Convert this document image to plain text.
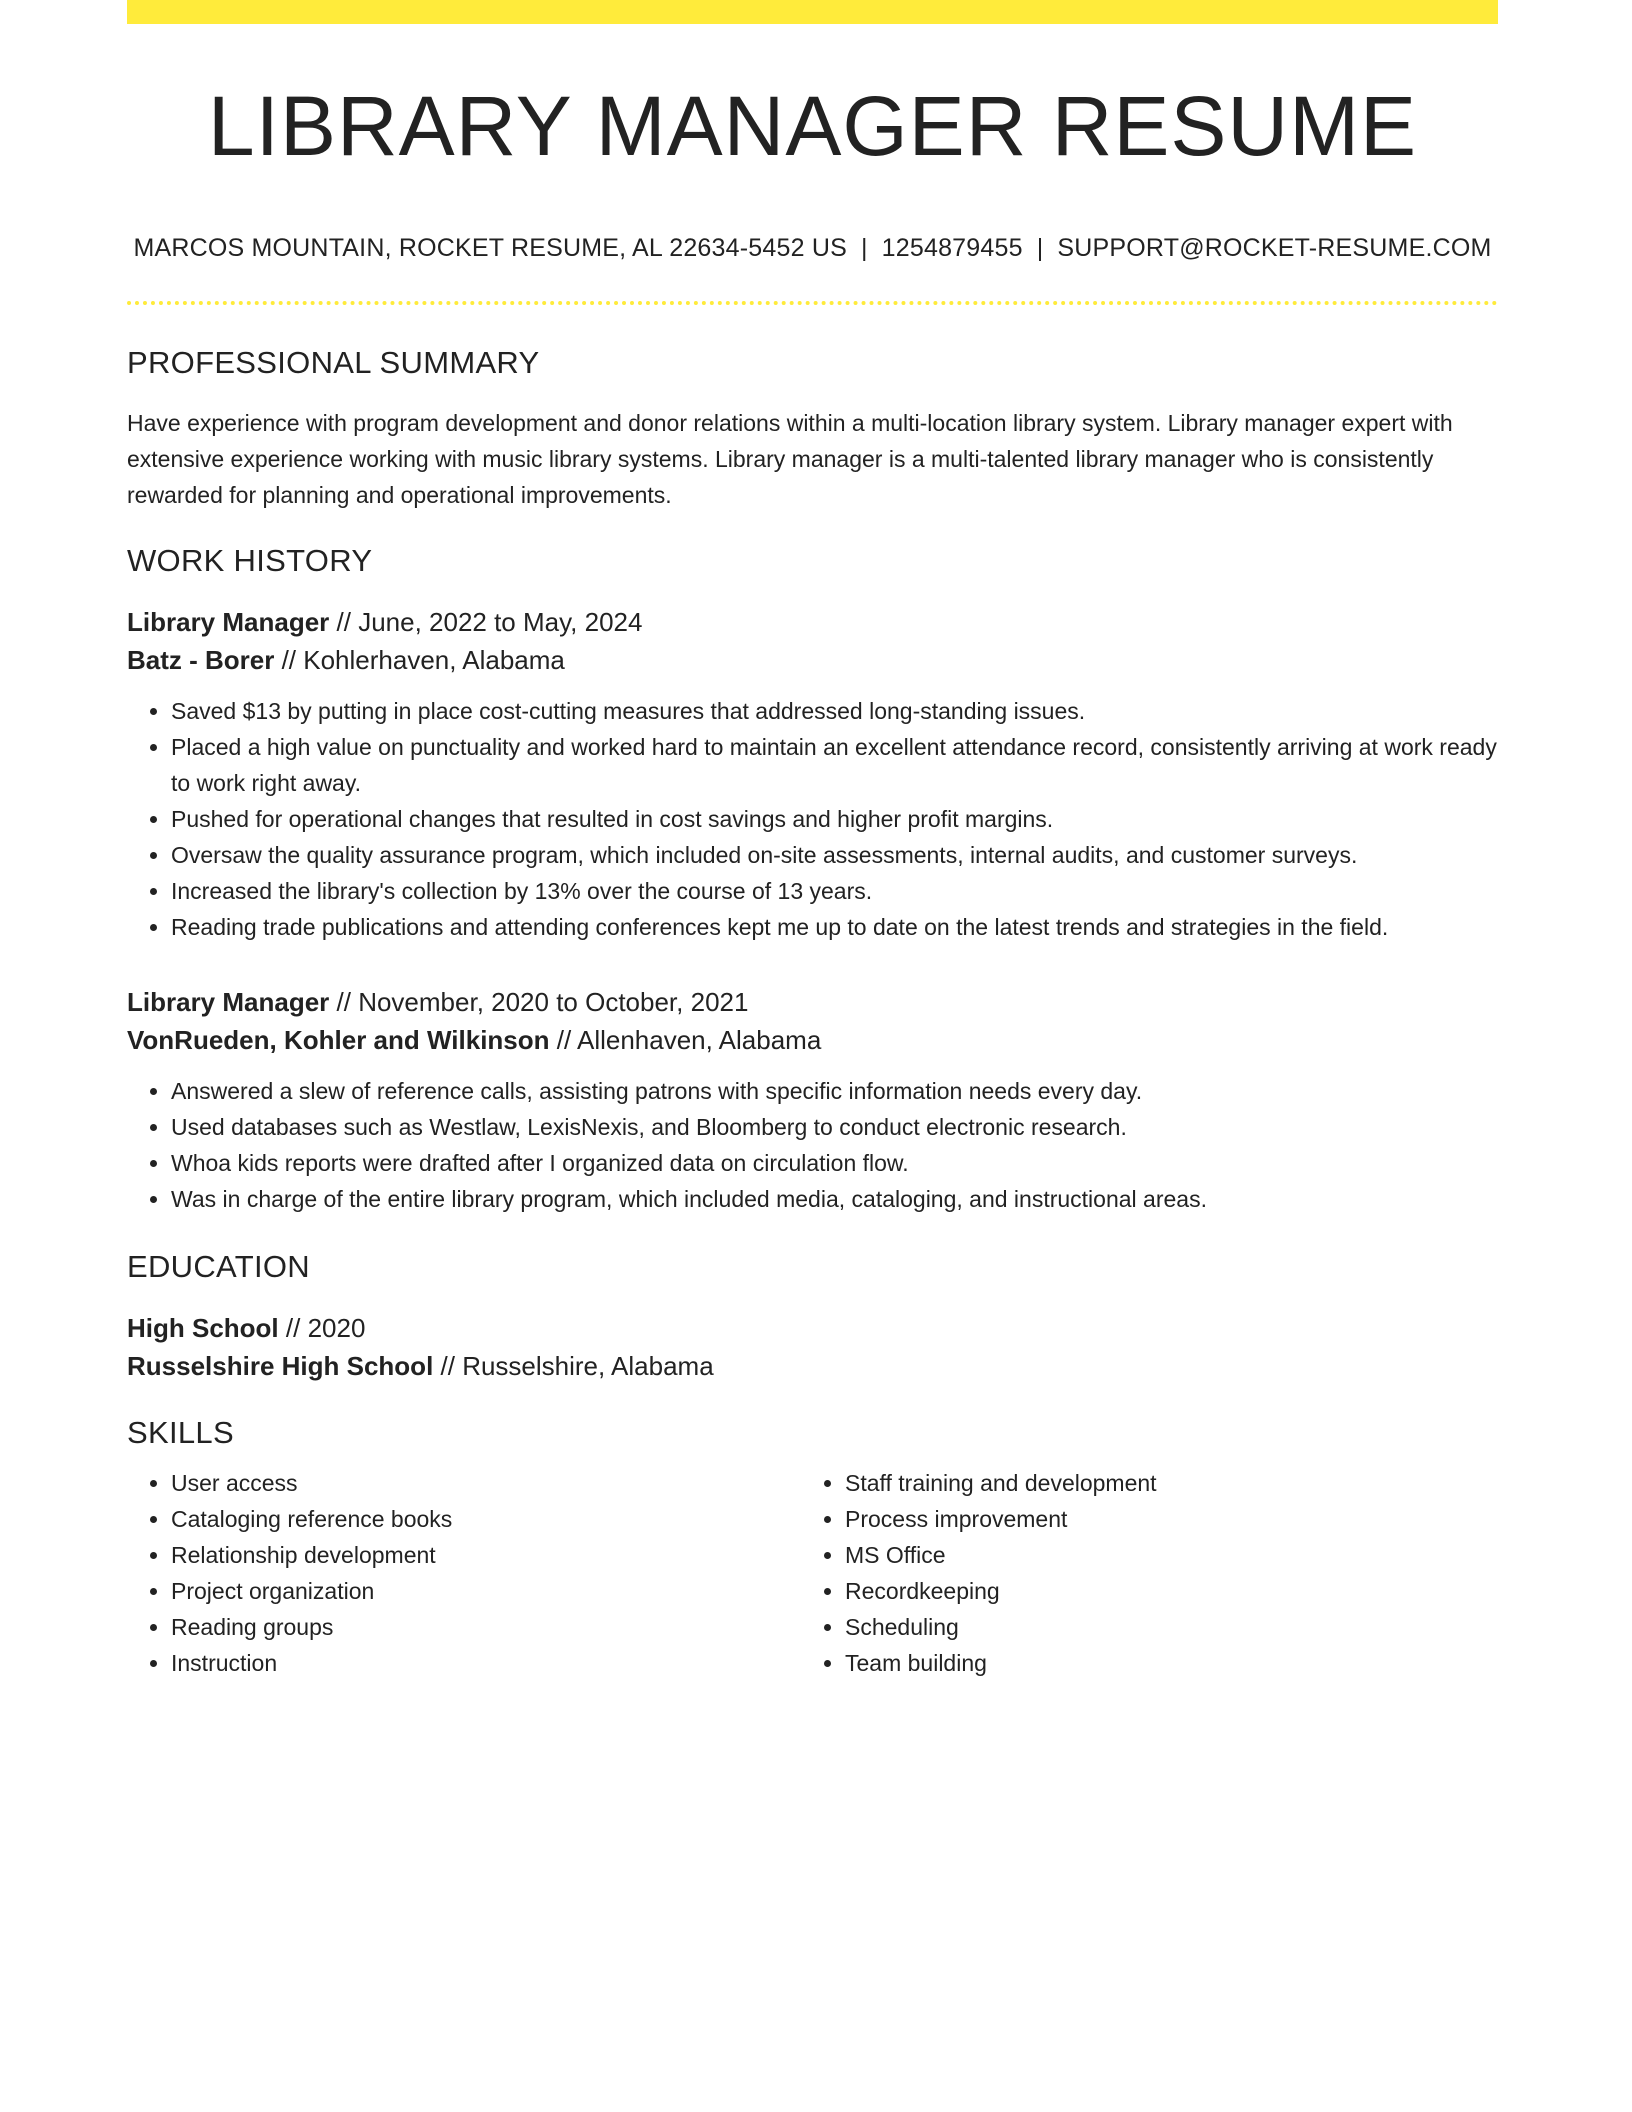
LIBRARY MANAGER RESUME
MARCOS MOUNTAIN, ROCKET RESUME, AL 22634-5452 US | 1254879455 | SUPPORT@ROCKET-RESUME.COM
PROFESSIONAL SUMMARY
Have experience with program development and donor relations within a multi-location library system. Library manager expert with extensive experience working with music library systems. Library manager is a multi-talented library manager who is consistently rewarded for planning and operational improvements.
WORK HISTORY
Library Manager // June, 2022 to May, 2024
Batz - Borer // Kohlerhaven, Alabama
• Saved $13 by putting in place cost-cutting measures that addressed long-standing issues.
• Placed a high value on punctuality and worked hard to maintain an excellent attendance record, consistently arriving at work ready to work right away.
• Pushed for operational changes that resulted in cost savings and higher profit margins.
• Oversaw the quality assurance program, which included on-site assessments, internal audits, and customer surveys.
• Increased the library's collection by 13% over the course of 13 years.
• Reading trade publications and attending conferences kept me up to date on the latest trends and strategies in the field.
Library Manager // November, 2020 to October, 2021
VonRueden, Kohler and Wilkinson // Allenhaven, Alabama
• Answered a slew of reference calls, assisting patrons with specific information needs every day.
• Used databases such as Westlaw, LexisNexis, and Bloomberg to conduct electronic research.
• Whoa kids reports were drafted after I organized data on circulation flow.
• Was in charge of the entire library program, which included media, cataloging, and instructional areas.
EDUCATION
High School // 2020
Russelshire High School // Russelshire, Alabama
SKILLS
• User access
• Cataloging reference books
• Relationship development
• Project organization
• Reading groups
• Instruction
• Staff training and development
• Process improvement
• MS Office
• Recordkeeping
• Scheduling
• Team building
